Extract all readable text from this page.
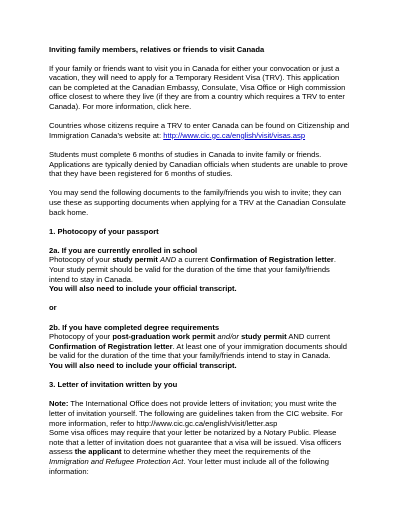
Inviting family members, relatives or friends to visit Canada

If your family or friends want to visit you in Canada for either your convocation or just a vacation, they will need to apply for a Temporary Resident Visa (TRV). This application can be completed at the Canadian Embassy, Consulate, Visa Office or High commission office closest to where they live (if they are from a country which requires a TRV to enter Canada). For more information, click here.

Countries whose citizens require a TRV to enter Canada can be found on Citizenship and Immigration Canada’s website at: http://www.cic.gc.ca/english/visit/visas.asp

Students must complete 6 months of studies in Canada to invite family or friends. Applications are typically denied by Canadian officials when students are unable to prove that they have been registered for 6 months of studies.

You may send the following documents to the family/friends you wish to invite; they can use these as supporting documents when applying for a TRV at the Canadian Consulate back home.

1. Photocopy of your passport

2a. If you are currently enrolled in school

Photocopy of your study permit AND a current Confirmation of Registration letter. Your study permit should be valid for the duration of the time that your family/friends intend to stay in Canada.

You will also need to include your official transcript.

or

2b. If you have completed degree requirements

Photocopy of your post-graduation work permit and/or study permit AND current Confirmation of Registration letter. At least one of your immigration documents should be valid for the duration of the time that your family/friends intend to stay in Canada.

You will also need to include your official transcript.

3. Letter of invitation written by you

Note: The International Office does not provide letters of invitation; you must write the letter of invitation yourself. The following are guidelines taken from the CIC website. For more information, refer to http://www.cic.gc.ca/english/visit/letter.asp

Some visa offices may require that your letter be notarized by a Notary Public. Please note that a letter of invitation does not guarantee that a visa will be issued. Visa officers assess the applicant to determine whether they meet the requirements of the Immigration and Refugee Protection Act. Your letter must include all of the following information:
